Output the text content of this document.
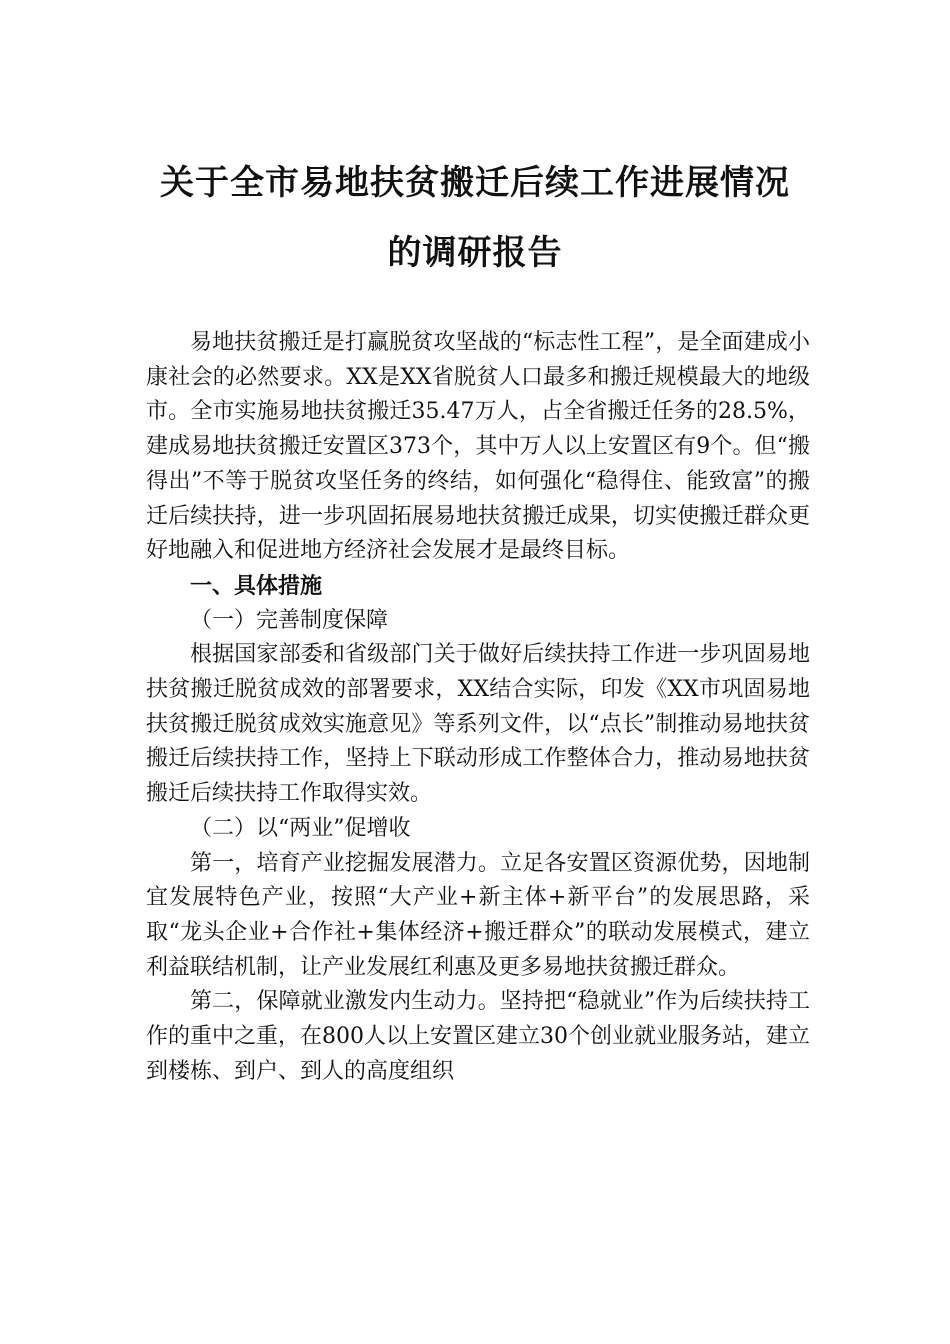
关于全市易地扶贫搬迁后续工作进展情况
的调研报告

易地扶贫搬迁是打赢脱贫攻坚战的“标志性工程”，是全面建成小康社会的必然要求。XX是XX省脱贫人口最多和搬迁规模最大的地级市。全市实施易地扶贫搬迁35.47万人，占全省搬迁任务的28.5%，建成易地扶贫搬迁安置区373个，其中万人以上安置区有9个。但“搬得出”不等于脱贫攻坚任务的终结，如何强化“稳得住、能致富”的搬迁后续扶持，进一步巩固拓展易地扶贫搬迁成果，切实使搬迁群众更好地融入和促进地方经济社会发展才是最终目标。

一、具体措施

（一）完善制度保障

根据国家部委和省级部门关于做好后续扶持工作进一步巩固易地扶贫搬迁脱贫成效的部署要求，XX结合实际，印发《XX市巩固易地扶贫搬迁脱贫成效实施意见》等系列文件，以“点长”制推动易地扶贫搬迁后续扶持工作，坚持上下联动形成工作整体合力，推动易地扶贫搬迁后续扶持工作取得实效。

（二）以“两业”促增收

第一，培育产业挖掘发展潜力。立足各安置区资源优势，因地制宜发展特色产业，按照“大产业+新主体+新平台”的发展思路，采取“龙头企业+合作社+集体经济+搬迁群众”的联动发展模式，建立利益联结机制，让产业发展红利惠及更多易地扶贫搬迁群众。

第二，保障就业激发内生动力。坚持把“稳就业”作为后续扶持工作的重中之重，在800人以上安置区建立30个创业就业服务站，建立到楼栋、到户、到人的高度组织
